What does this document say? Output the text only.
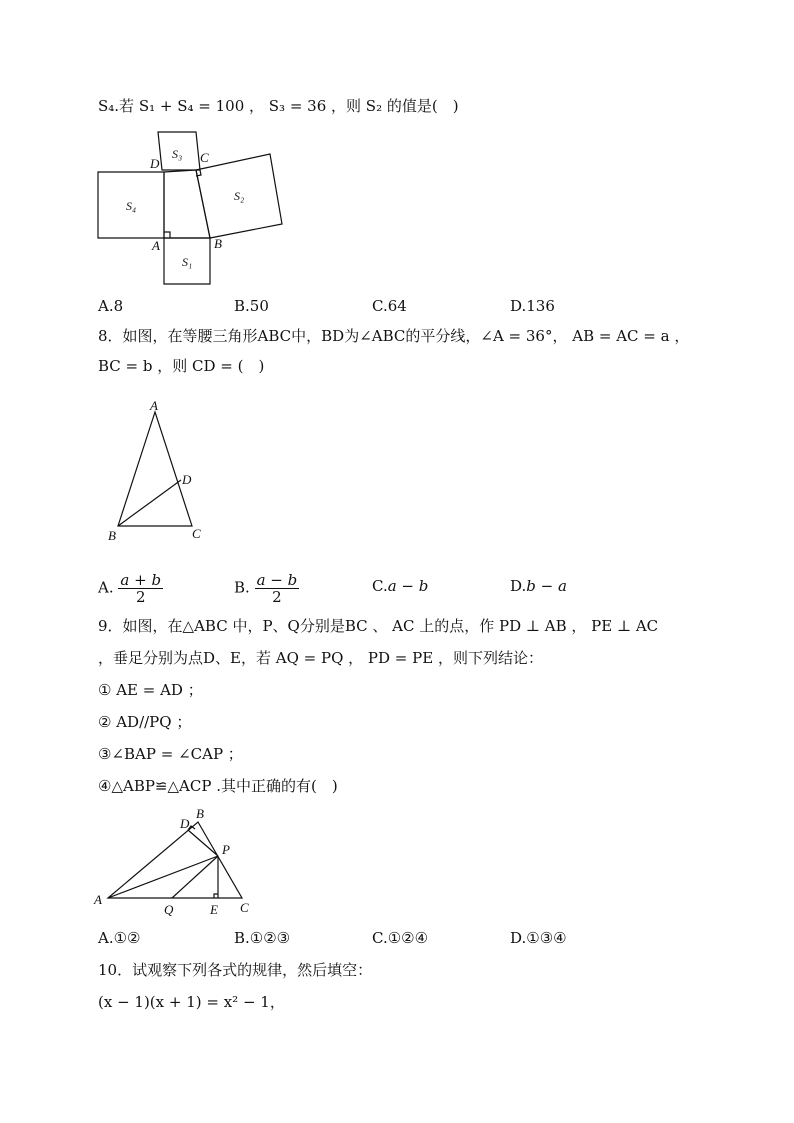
S₄.若 S₁ + S₄ = 100 ， S₃ = 36 ，则 S₂ 的值是(　)
S₃ C
D
S₂
S₄
A	B
S₁
A.8	B.50	C.64	D.136
8．如图，在等腰三角形ABC中，BD为∠ABC的平分线，∠A = 36°， AB = AC = a ，
BC = b ，则 CD = (　)
A
D
B	C
A. $\frac{a + b}{2}$	B. $\frac{a - b}{2}$	C.a − b	D.b − a
9．如图，在△ABC 中，P、Q分别是BC 、 AC 上的点，作 PD ⊥ AB ， PE ⊥ AC
，垂足分别为点D、E，若 AQ = PQ ， PD = PE ，则下列结论：
① AE = AD ；
② AD//PQ ；
③∠BAP = ∠CAP ；
④△ABP≌△ACP .其中正确的有(　)
B
D
P
A
Q	E C
A.①②	B.①②③	C.①②④	D.①③④
10．试观察下列各式的规律，然后填空：
(x − 1)(x + 1) = x² − 1，
